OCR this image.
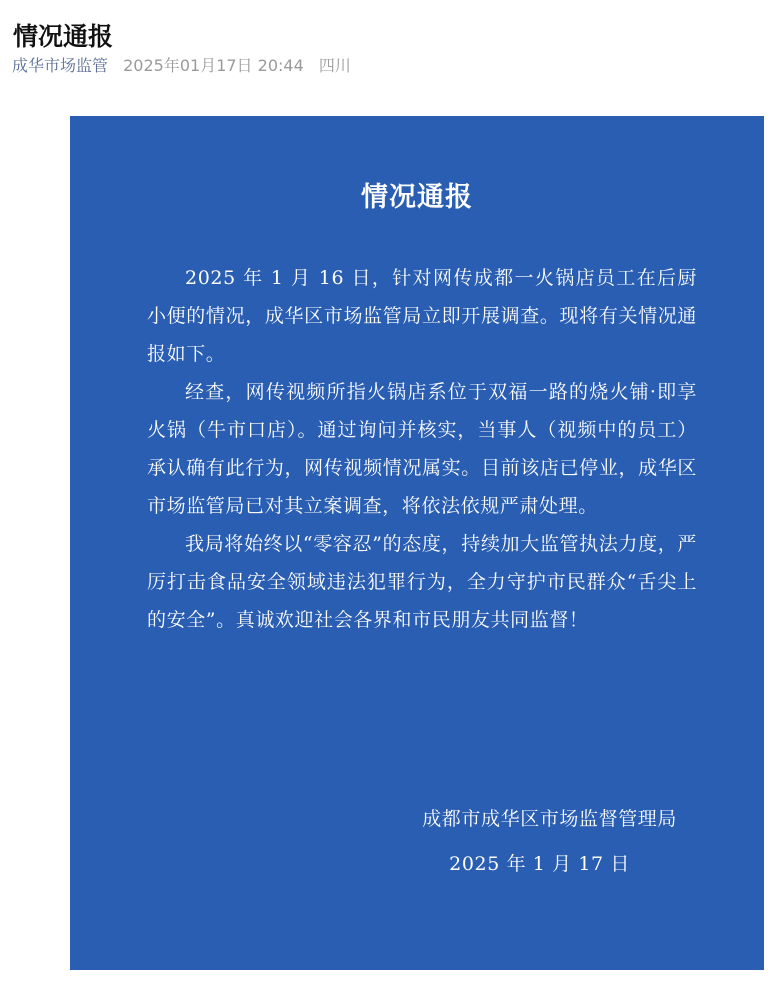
情况通报
成华市场监管 2025年01月17日 20:44 四川
情况通报

2025 年 1 月 16 日，针对网传成都一火锅店员工在后厨小便的情况，成华区市场监管局立即开展调查。现将有关情况通报如下。

经查，网传视频所指火锅店系位于双福一路的烧火铺·即享火锅（牛市口店）。通过询问并核实，当事人（视频中的员工）承认确有此行为，网传视频情况属实。目前该店已停业，成华区市场监管局已对其立案调查，将依法依规严肃处理。

我局将始终以“零容忍”的态度，持续加大监管执法力度，严厉打击食品安全领域违法犯罪行为，全力守护市民群众“舌尖上的安全”。真诚欢迎社会各界和市民朋友共同监督！

成都市成华区市场监督管理局
2025 年 1 月 17 日
